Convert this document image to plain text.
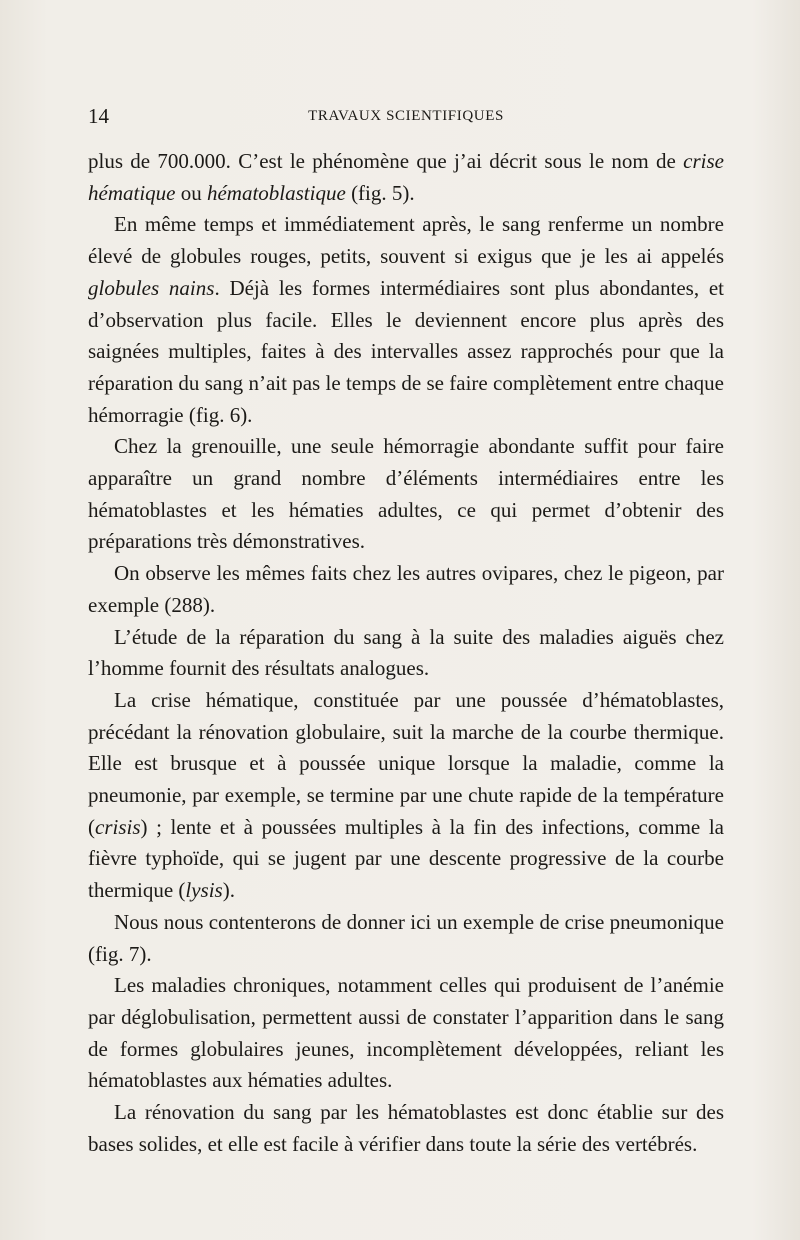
14	TRAVAUX SCIENTIFIQUES

plus de 700.000. C’est le phénomène que j’ai décrit sous le nom de crise hématique ou hématoblastique (fig. 5).

En même temps et immédiatement après, le sang renferme un nombre élevé de globules rouges, petits, souvent si exigus que je les ai appelés globules nains. Déjà les formes intermédiaires sont plus abondantes, et d’observation plus facile. Elles le deviennent encore plus après des saignées multiples, faites à des intervalles assez rapprochés pour que la réparation du sang n’ait pas le temps de se faire complètement entre chaque hémorragie (fig. 6).

Chez la grenouille, une seule hémorragie abondante suffit pour faire apparaître un grand nombre d’éléments intermédiaires entre les hématoblastes et les hématies adultes, ce qui permet d’obtenir des préparations très démonstratives.

On observe les mêmes faits chez les autres ovipares, chez le pigeon, par exemple (288).

L’étude de la réparation du sang à la suite des maladies aiguës chez l’homme fournit des résultats analogues.

La crise hématique, constituée par une poussée d’hématoblastes, précédant la rénovation globulaire, suit la marche de la courbe thermique. Elle est brusque et à poussée unique lorsque la maladie, comme la pneumonie, par exemple, se termine par une chute rapide de la température (crisis) ; lente et à poussées multiples à la fin des infections, comme la fièvre typhoïde, qui se jugent par une descente progressive de la courbe thermique (lysis).

Nous nous contenterons de donner ici un exemple de crise pneumonique (fig. 7).

Les maladies chroniques, notamment celles qui produisent de l’anémie par déglobulisation, permettent aussi de constater l’apparition dans le sang de formes globulaires jeunes, incomplètement développées, reliant les hématoblastes aux hématies adultes.

La rénovation du sang par les hématoblastes est donc établie sur des bases solides, et elle est facile à vérifier dans toute la série des vertébrés.
